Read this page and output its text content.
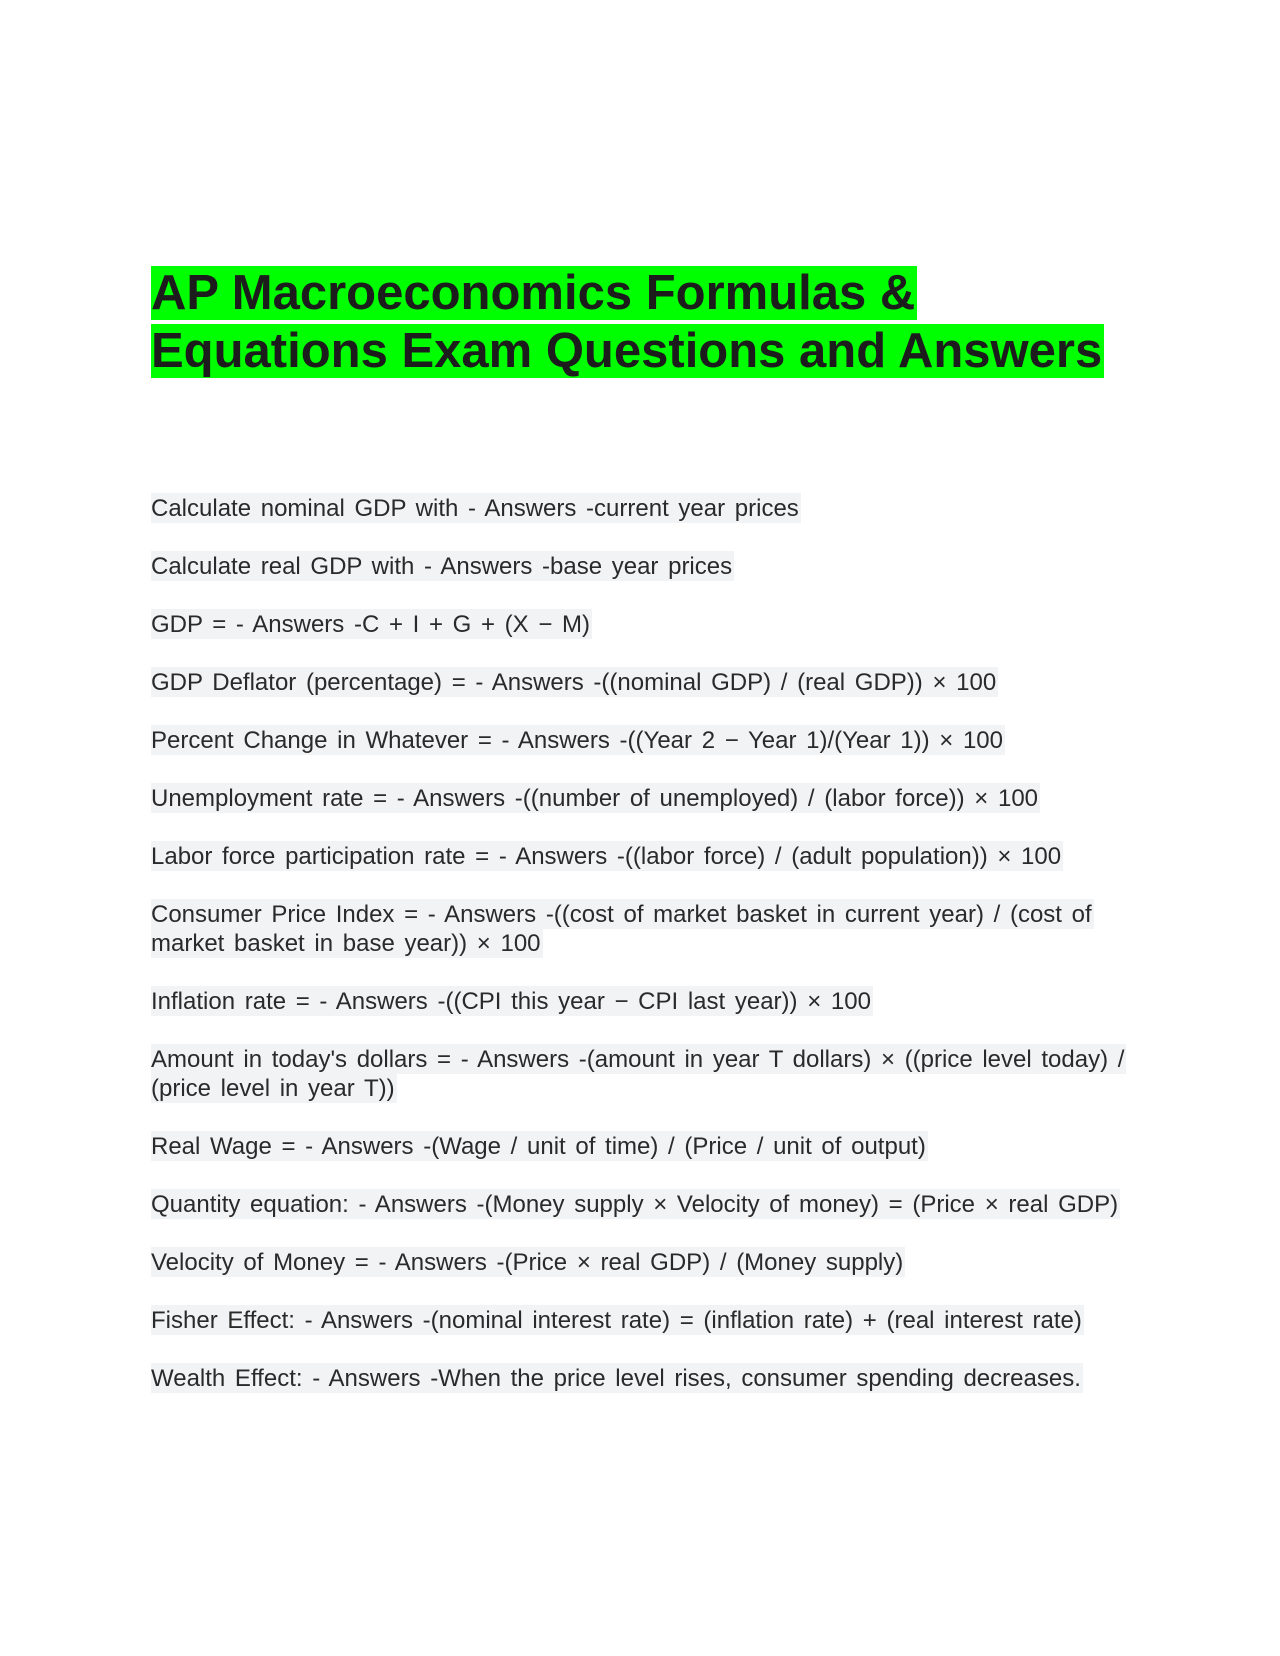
AP Macroeconomics Formulas & Equations Exam Questions and Answers

Calculate nominal GDP with - Answers -current year prices

Calculate real GDP with - Answers -base year prices

GDP = - Answers -C + I + G + (X − M)

GDP Deflator (percentage) = - Answers -((nominal GDP) / (real GDP)) × 100

Percent Change in Whatever = - Answers -((Year 2 − Year 1)/(Year 1)) × 100

Unemployment rate = - Answers -((number of unemployed) / (labor force)) × 100

Labor force participation rate = - Answers -((labor force) / (adult population)) × 100

Consumer Price Index = - Answers -((cost of market basket in current year) / (cost of market basket in base year)) × 100

Inflation rate = - Answers -((CPI this year − CPI last year)) × 100

Amount in today's dollars = - Answers -(amount in year T dollars) × ((price level today) / (price level in year T))

Real Wage = - Answers -(Wage / unit of time) / (Price / unit of output)

Quantity equation: - Answers -(Money supply × Velocity of money) = (Price × real GDP)

Velocity of Money = - Answers -(Price × real GDP) / (Money supply)

Fisher Effect: - Answers -(nominal interest rate) = (inflation rate) + (real interest rate)

Wealth Effect: - Answers -When the price level rises, consumer spending decreases.
